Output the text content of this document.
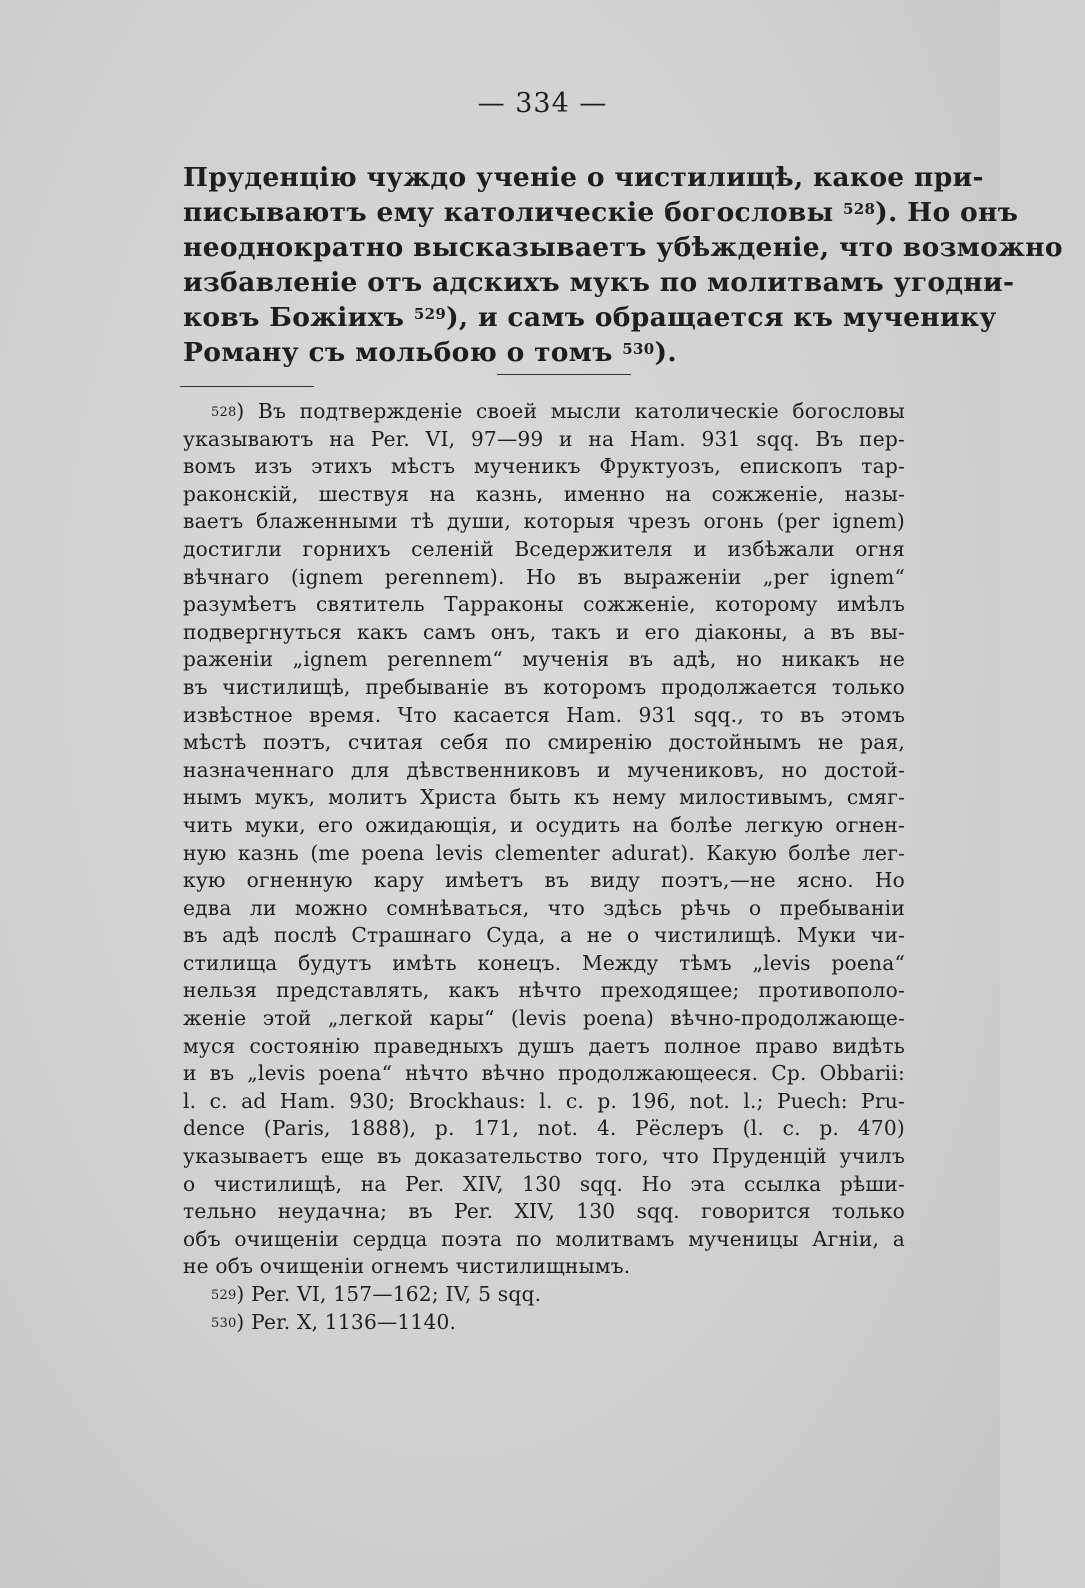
— 334 —
Пруденцію чуждо ученіе о чистилищѣ, какое при-
писываютъ ему католическіе богословы $^{528}$). Но онъ
неоднократно высказываетъ убѣжденіе, что возможно
избавленіе отъ адскихъ мукъ по молитвамъ угодни-
ковъ Божіихъ $^{529}$), и самъ обращается къ мученику
Роману съ мольбою о томъ $^{530}$).
$^{528}$) Въ подтвержденіе своей мысли католическіе богословы
указываютъ на Per. VI, 97—99 и на Ham. 931 sqq. Въ пер-
вомъ изъ этихъ мѣстъ мученикъ Фруктуозъ, епископъ тар-
раконскій, шествуя на казнь, именно на сожженіе, назы-
ваетъ блаженными тѣ души, которыя чрезъ огонь (per ignem)
достигли горнихъ селеній Вседержителя и избѣжали огня
вѣчнаго (ignem perennem). Но въ выраженіи „per ignem“
разумѣетъ святитель Тарраконы сожженіе, которому имѣлъ
подвергнуться какъ самъ онъ, такъ и его діаконы, а въ вы-
раженіи „ignem perennem“ мученія въ адѣ, но никакъ не
въ чистилищѣ, пребываніе въ которомъ продолжается только
извѣстное время. Что касается Ham. 931 sqq., то въ этомъ
мѣстѣ поэтъ, считая себя по смиренію достойнымъ не рая,
назначеннаго для дѣвственниковъ и мучениковъ, но достой-
нымъ мукъ, молитъ Христа быть къ нему милостивымъ, смяг-
чить муки, его ожидающія, и осудить на болѣе легкую огнен-
ную казнь (me poena levis clementer adurat). Какую болѣе лег-
кую огненную кару имѣетъ въ виду поэтъ,—не ясно. Но
едва ли можно сомнѣваться, что здѣсь рѣчь о пребываніи
въ адѣ послѣ Страшнаго Суда, а не о чистилищѣ. Муки чи-
стилища будутъ имѣть конецъ. Между тѣмъ „levis poena“
нельзя представлять, какъ нѣчто преходящее; противополо-
женіе этой „легкой кары“ (levis poena) вѣчно-продолжающе-
муся состоянію праведныхъ душъ даетъ полное право видѣть
и въ „levis poena“ нѣчто вѣчно продолжающееся. Ср. Obbarii:
l. c. ad Ham. 930; Brockhaus: l. c. p. 196, not. l.; Puech: Pru-
dence (Paris, 1888), p. 171, not. 4. Рёслеръ (l. c. p. 470)
указываетъ еще въ доказательство того, что Пруденцій училъ
о чистилищѣ, на Per. XIV, 130 sqq. Но эта ссылка рѣши-
тельно неудачна; въ Per. XIV, 130 sqq. говорится только
объ очищеніи сердца поэта по молитвамъ мученицы Агніи, а
не объ очищеніи огнемъ чистилищнымъ.
$^{529}$) Per. VI, 157—162; IV, 5 sqq.
$^{530}$) Per. X, 1136—1140.
